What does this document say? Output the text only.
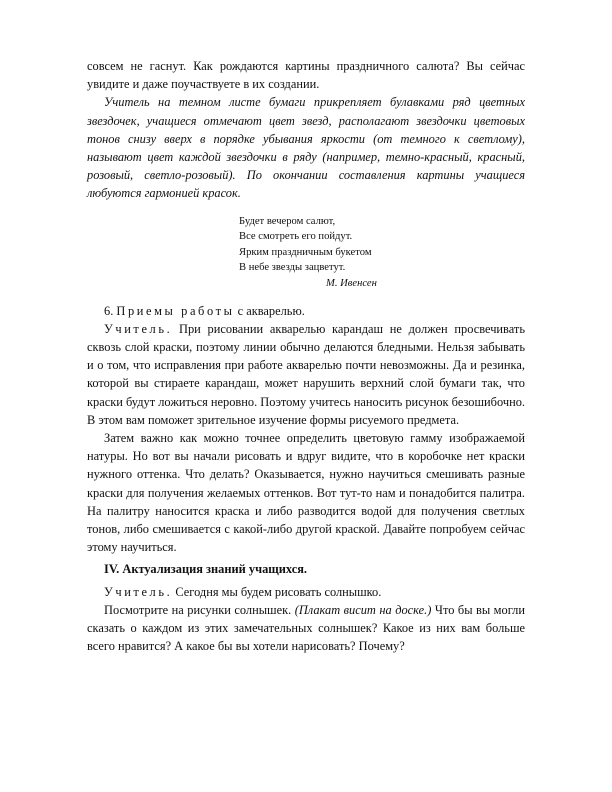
совсем не гаснут. Как рождаются картины праздничного салюта? Вы сейчас увидите и даже поучаствуете в их создании.

Учитель на темном листе бумаги прикрепляет булавками ряд цветных звездочек, учащиеся отмечают цвет звезд, располагают звездочки цветовых тонов снизу вверх в порядке убывания яркости (от темного к светлому), называют цвет каждой звездочки в ряду (например, темно-красный, красный, розовый, светло-розовый). По окончании составления картины учащиеся любуются гармонией красок.

Будет вечером салют,
Все смотреть его пойдут.
Ярким праздничным букетом
В небе звезды зацветут.
М. Ивенсен

6. Приемы работы с акварелью.

Учитель. При рисовании акварелью карандаш не должен просвечивать сквозь слой краски, поэтому линии обычно делаются бледными. Нельзя забывать и о том, что исправления при работе акварелью почти невозможны. Да и резинка, которой вы стираете карандаш, может нарушить верхний слой бумаги так, что краски будут ложиться неровно. Поэтому учитесь наносить рисунок безошибочно. В этом вам поможет зрительное изучение формы рисуемого предмета.

Затем важно как можно точнее определить цветовую гамму изображаемой натуры. Но вот вы начали рисовать и вдруг видите, что в коробочке нет краски нужного оттенка. Что делать? Оказывается, нужно научиться смешивать разные краски для получения желаемых оттенков. Вот тут-то нам и понадобится палитра. На палитру наносится краска и либо разводится водой для получения светлых тонов, либо смешивается с какой-либо другой краской. Давайте попробуем сейчас этому научиться.

IV. Актуализация знаний учащихся.

Учитель. Сегодня мы будем рисовать солнышко.

Посмотрите на рисунки солнышек. (Плакат висит на доске.) Что бы вы могли сказать о каждом из этих замечательных солнышек? Какое из них вам больше всего нравится? А какое бы вы хотели нарисовать? Почему?
